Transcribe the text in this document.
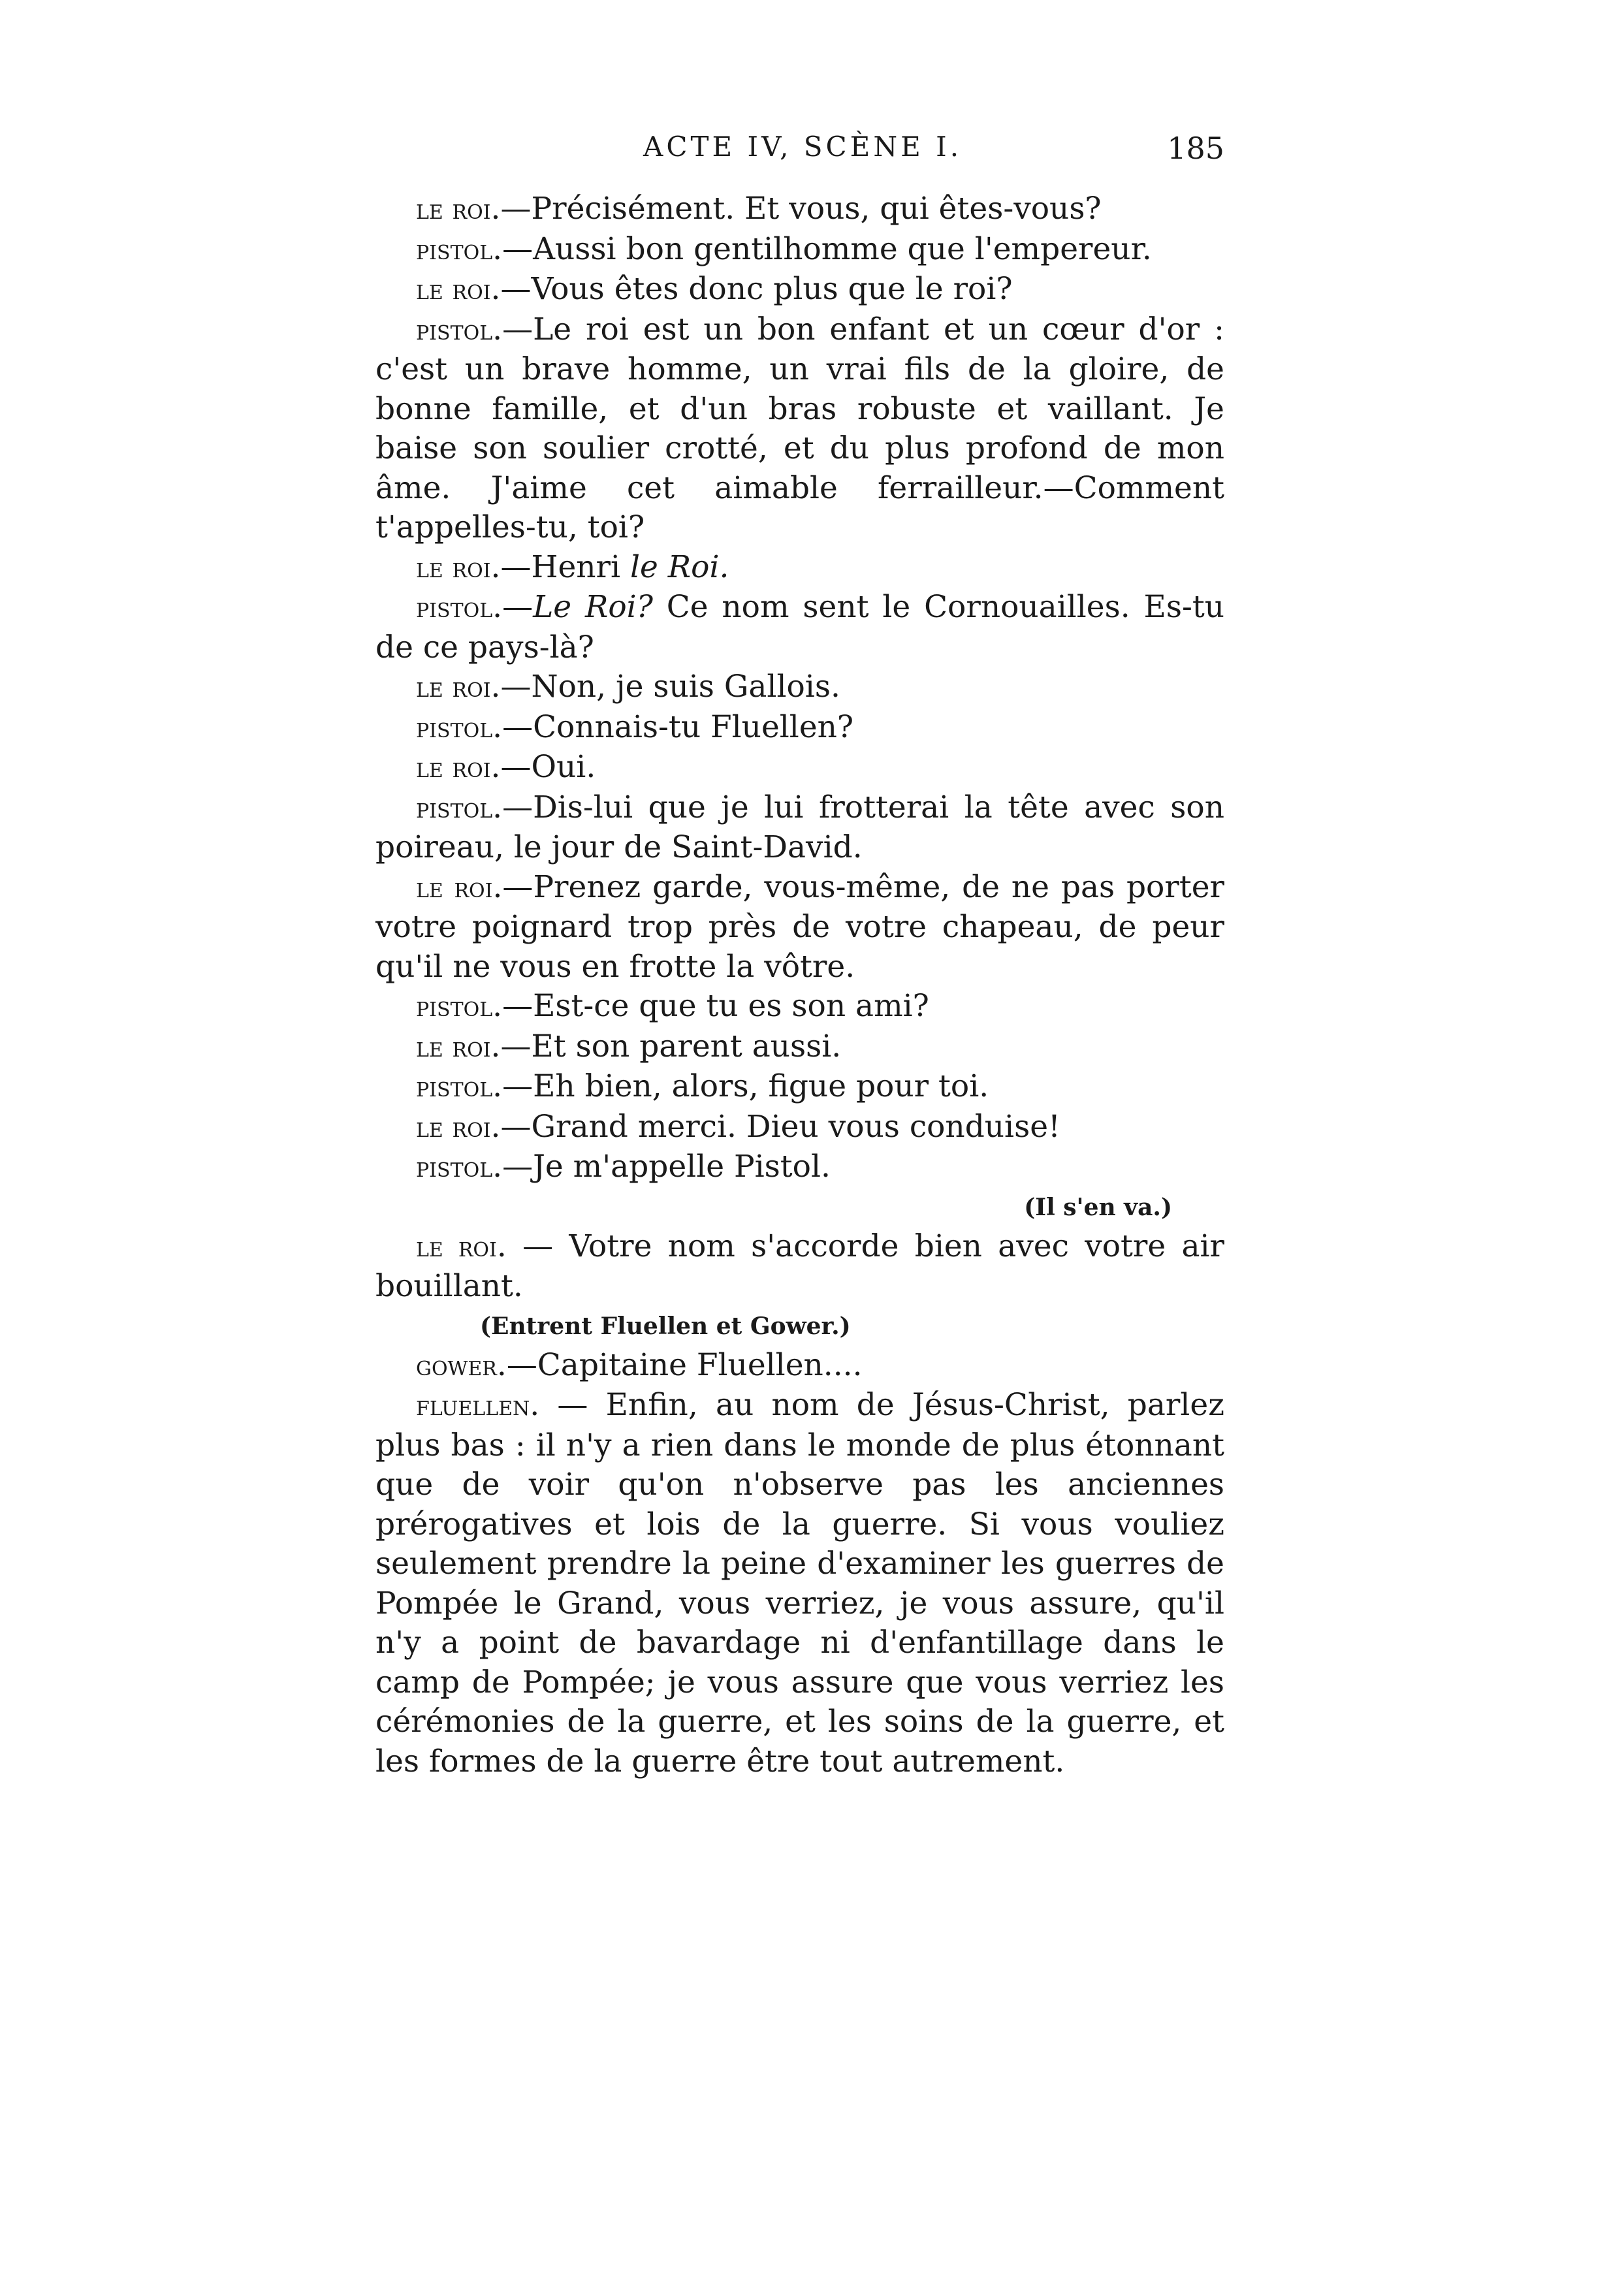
ACTE IV, SCÈNE I.	185

le roi.—Précisément. Et vous, qui êtes-vous?

pistol.—Aussi bon gentilhomme que l'empereur.

le roi.—Vous êtes donc plus que le roi?

pistol.—Le roi est un bon enfant et un cœur d'or : c'est un brave homme, un vrai fils de la gloire, de bonne famille, et d'un bras robuste et vaillant. Je baise son soulier crotté, et du plus profond de mon âme. J'aime cet aimable ferrailleur.—Comment t'appelles-tu, toi?

le roi.—Henri le Roi.

pistol.—Le Roi? Ce nom sent le Cornouailles. Es-tu de ce pays-là?

le roi.—Non, je suis Gallois.

pistol.—Connais-tu Fluellen?

le roi.—Oui.

pistol.—Dis-lui que je lui frotterai la tête avec son poireau, le jour de Saint-David.

le roi.—Prenez garde, vous-même, de ne pas porter votre poignard trop près de votre chapeau, de peur qu'il ne vous en frotte la vôtre.

pistol.—Est-ce que tu es son ami?

le roi.—Et son parent aussi.

pistol.—Eh bien, alors, figue pour toi.

le roi.—Grand merci. Dieu vous conduise!

pistol.—Je m'appelle Pistol.

(Il s'en va.)

le roi. — Votre nom s'accorde bien avec votre air bouillant.

(Entrent Fluellen et Gower.)

gower.—Capitaine Fluellen....

fluellen. — Enfin, au nom de Jésus-Christ, parlez plus bas : il n'y a rien dans le monde de plus étonnant que de voir qu'on n'observe pas les anciennes prérogatives et lois de la guerre. Si vous vouliez seulement prendre la peine d'examiner les guerres de Pompée le Grand, vous verriez, je vous assure, qu'il n'y a point de bavardage ni d'enfantillage dans le camp de Pompée; je vous assure que vous verriez les cérémonies de la guerre, et les soins de la guerre, et les formes de la guerre être tout autrement.
